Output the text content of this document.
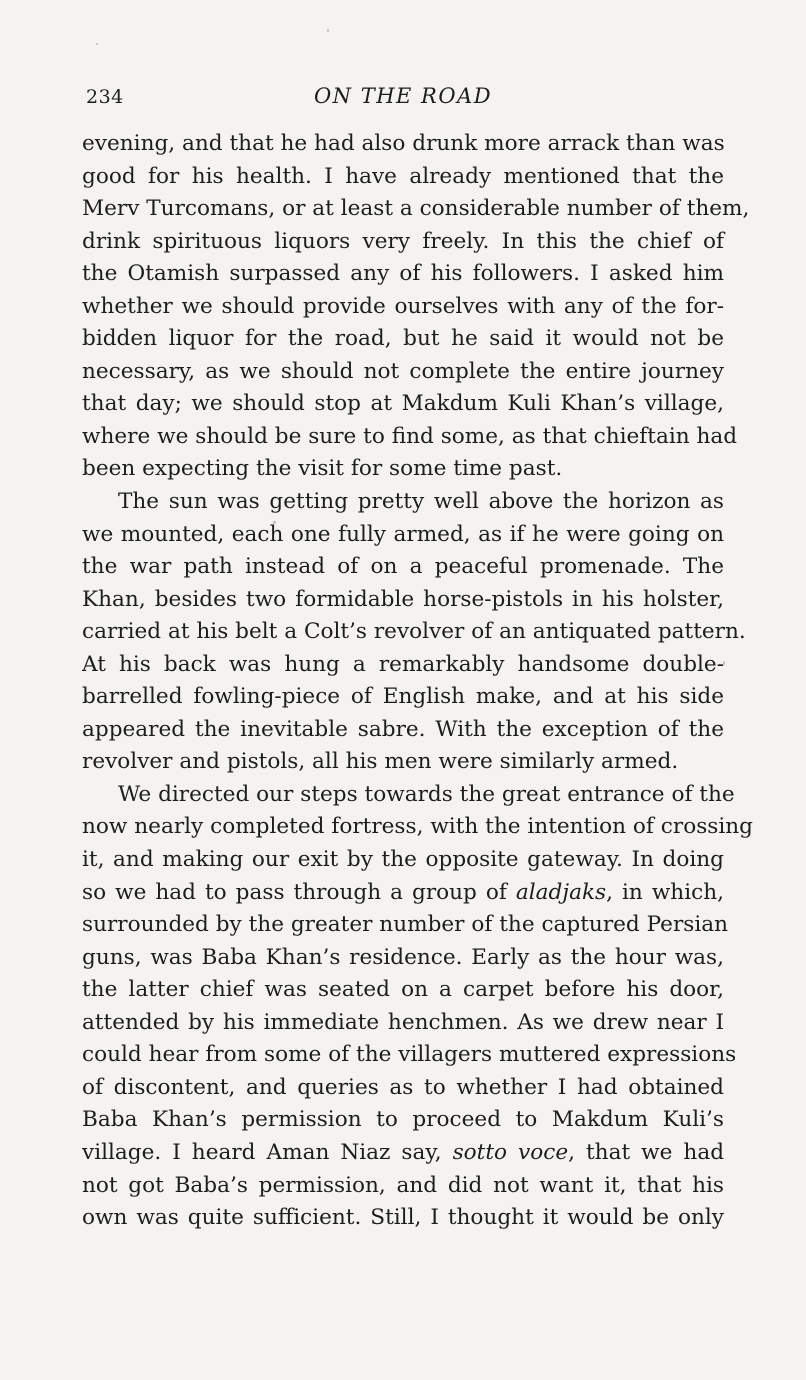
234	ON THE ROAD
evening, and that he had also drunk more arrack than was
good for his health. I have already mentioned that the
Merv Turcomans, or at least a considerable number of them,
drink spirituous liquors very freely. In this the chief of
the Otamish surpassed any of his followers. I asked him
whether we should provide ourselves with any of the for-
bidden liquor for the road, but he said it would not be
necessary, as we should not complete the entire journey
that day; we should stop at Makdum Kuli Khan’s village,
where we should be sure to find some, as that chieftain had
been expecting the visit for some time past.
The sun was getting pretty well above the horizon as
we mounted, each one fully armed, as if he were going on
the war path instead of on a peaceful promenade. The
Khan, besides two formidable horse-pistols in his holster,
carried at his belt a Colt’s revolver of an antiquated pattern.
At his back was hung a remarkably handsome double-
barrelled fowling-piece of English make, and at his side
appeared the inevitable sabre. With the exception of the
revolver and pistols, all his men were similarly armed.
We directed our steps towards the great entrance of the
now nearly completed fortress, with the intention of crossing
it, and making our exit by the opposite gateway. In doing
so we had to pass through a group of aladjaks, in which,
surrounded by the greater number of the captured Persian
guns, was Baba Khan’s residence. Early as the hour was,
the latter chief was seated on a carpet before his door,
attended by his immediate henchmen. As we drew near I
could hear from some of the villagers muttered expressions
of discontent, and queries as to whether I had obtained
Baba Khan’s permission to proceed to Makdum Kuli’s
village. I heard Aman Niaz say, sotto voce, that we had
not got Baba’s permission, and did not want it, that his
own was quite sufficient. Still, I thought it would be only
